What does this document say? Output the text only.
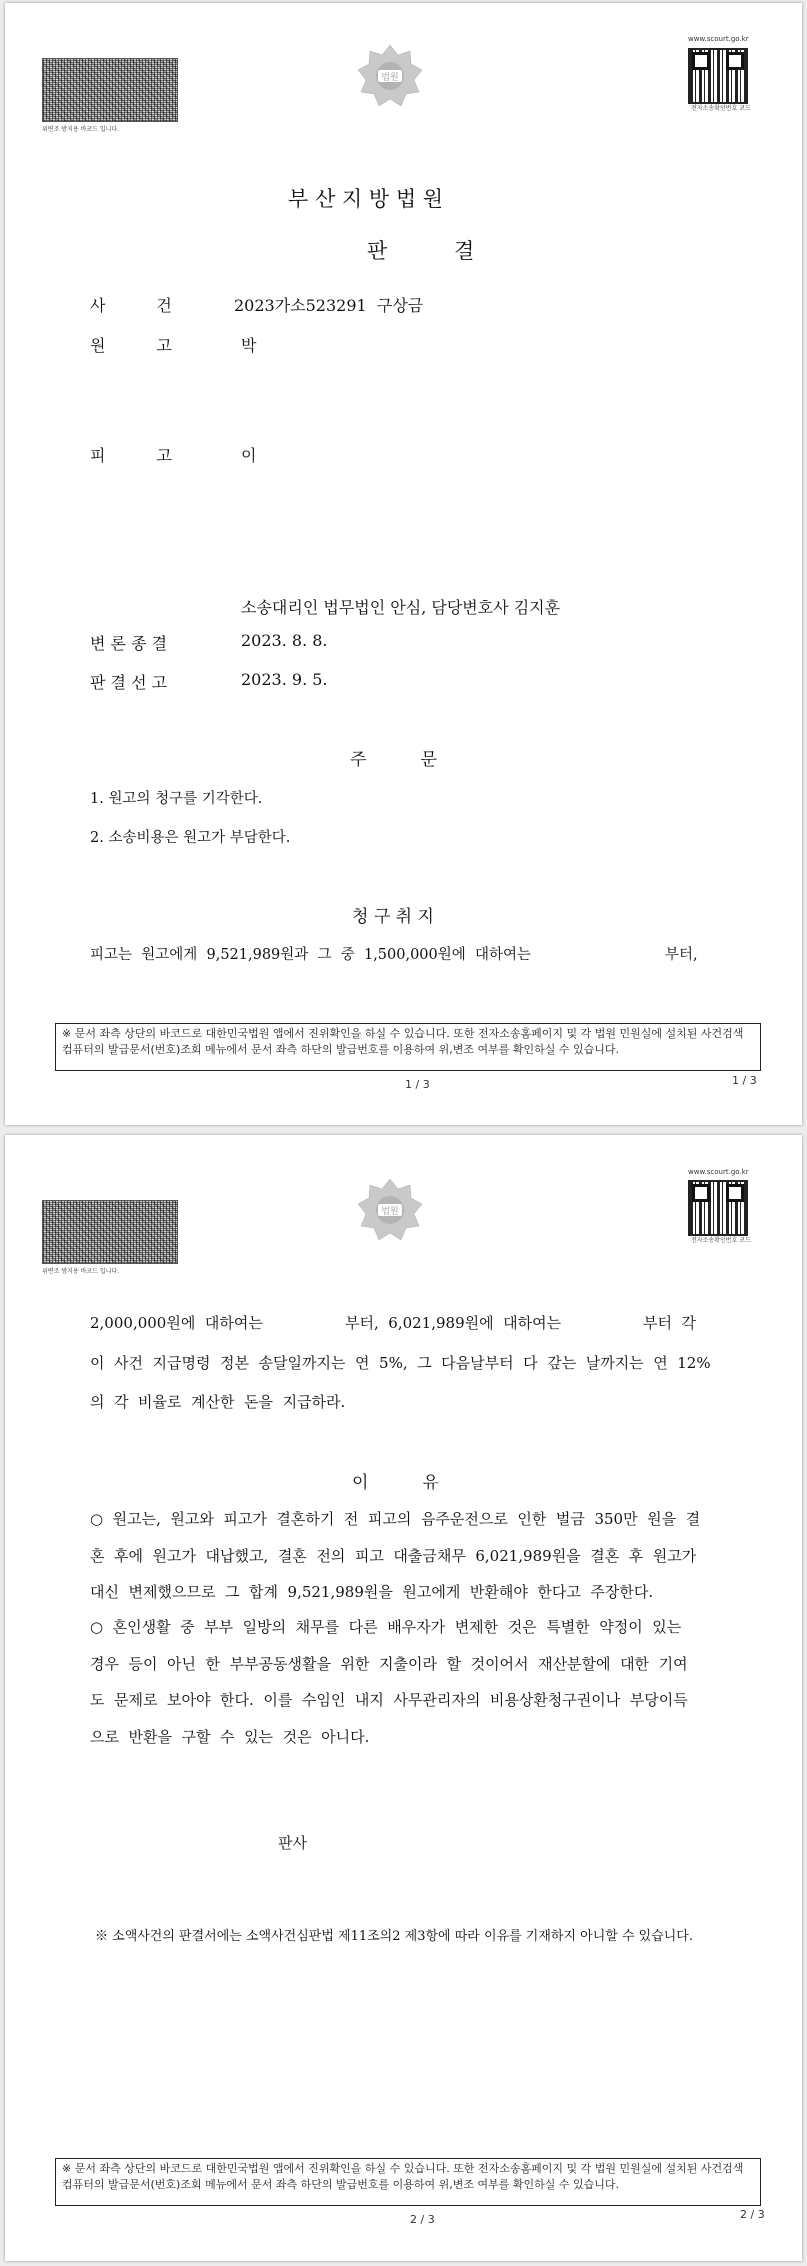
위변조 방지용 바코드 입니다.
법원
www.scourt.go.kr
전자소송확인번호 코드
부 산 지 방 법 원
판          결
사          건	2023가소523291  구상금
원          고	박
피          고	이
소송대리인 법무법인 안심, 담당변호사 김지훈
변 론 종 결	2023. 8. 8.
판 결 선 고	2023. 9. 5.
주          문
1. 원고의 청구를 기각한다.
2. 소송비용은 원고가 부담한다.
청 구 취 지
피고는  원고에게  9,521,989원과  그  중  1,500,000원에  대하여는	부터,
※ 문서 좌측 상단의 바코드로 대한민국법원 앱에서 진위확인을 하실 수 있습니다. 또한 전자소송홈페이지 및 각 법원 민원실에 설치된 사건검색 컴퓨터의 발급문서(번호)조회 메뉴에서 문서 좌측 하단의 발급번호를 이용하여 위,변조 여부를 확인하실 수 있습니다.
1 / 3	1 / 3
위변조 방지용 바코드 입니다.
법원
www.scourt.go.kr
전자소송확인번호 코드
2,000,000원에  대하여는	부터,  6,021,989원에  대하여는	부터  각
이  사건  지급명령  정본  송달일까지는  연  5%,  그  다음날부터  다  갚는  날까지는  연  12%
의  각  비율로  계산한  돈을  지급하라.
이          유
○  원고는,  원고와  피고가  결혼하기  전  피고의  음주운전으로  인한  벌금  350만  원을  결
혼  후에  원고가  대납했고,  결혼  전의  피고  대출금채무  6,021,989원을  결혼  후  원고가
대신  변제했으므로  그  합계  9,521,989원을  원고에게  반환해야  한다고  주장한다.
○  혼인생활  중  부부  일방의  채무를  다른  배우자가  변제한  것은  특별한  약정이  있는
경우  등이  아닌  한  부부공동생활을  위한  지출이라  할  것이어서  재산분할에  대한  기여
도  문제로  보아야  한다.  이를  수임인  내지  사무관리자의  비용상환청구권이나  부당이득
으로  반환을  구할  수  있는  것은  아니다.
판사
※ 소액사건의 판결서에는 소액사건심판법 제11조의2 제3항에 따라 이유를 기재하지 아니할 수 있습니다.
※ 문서 좌측 상단의 바코드로 대한민국법원 앱에서 진위확인을 하실 수 있습니다. 또한 전자소송홈페이지 및 각 법원 민원실에 설치된 사건검색 컴퓨터의 발급문서(번호)조회 메뉴에서 문서 좌측 하단의 발급번호를 이용하여 위,변조 여부를 확인하실 수 있습니다.
2 / 3	2 / 3
